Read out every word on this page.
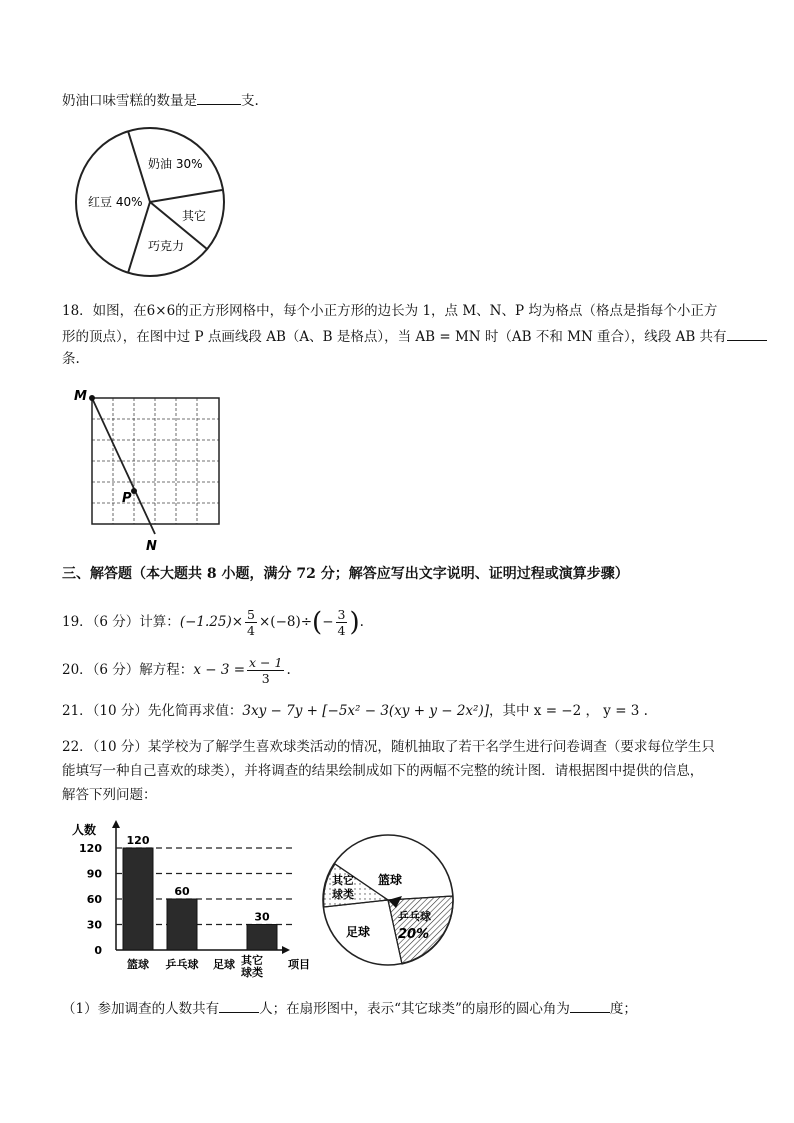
奶油口味雪糕的数量是	支.
奶油 30%
红豆 40%
其它
巧克力
18．如图，在6×6的正方形网格中，每个小正方形的边长为 1，点 M、N、P 均为格点（格点是指每个小正方
形的顶点），在图中过 P 点画线段 AB（A、B 是格点），当 AB = MN 时（AB 不和 MN 重合），线段 AB 共有
条.
M
P
N
三、解答题（本大题共 8 小题，满分 72 分；解答应写出文字说明、证明过程或演算步骤）
19．（6 分）计算：$(-1.25)\times \frac{5}{4} \times(-8)\div(- \frac{3}{4}$ ).
20．（6 分）解方程：$x - 3 = \frac{x - 1}{3}$ .
21．（10 分）先化简再求值：3xy − 7y + [−5x² − 3(xy + y − 2x²)]，其中 x = −2 ， y = 3 .
22．（10 分）某学校为了解学生喜欢球类活动的情况，随机抽取了若干名学生进行问卷调查（要求每位学生只
能填写一种自己喜欢的球类），并将调查的结果绘制成如下的两幅不完整的统计图．请根据图中提供的信息，
解答下列问题：
人数
项目
0
30
60
90
120
120
60
30
篮球 乒乓球 足球 其它
球类
篮球
乒乓球
20%
足球
其它
球类
（1）参加调查的人数共有	人；在扇形图中，表示“其它球类”的扇形的圆心角为	度；
